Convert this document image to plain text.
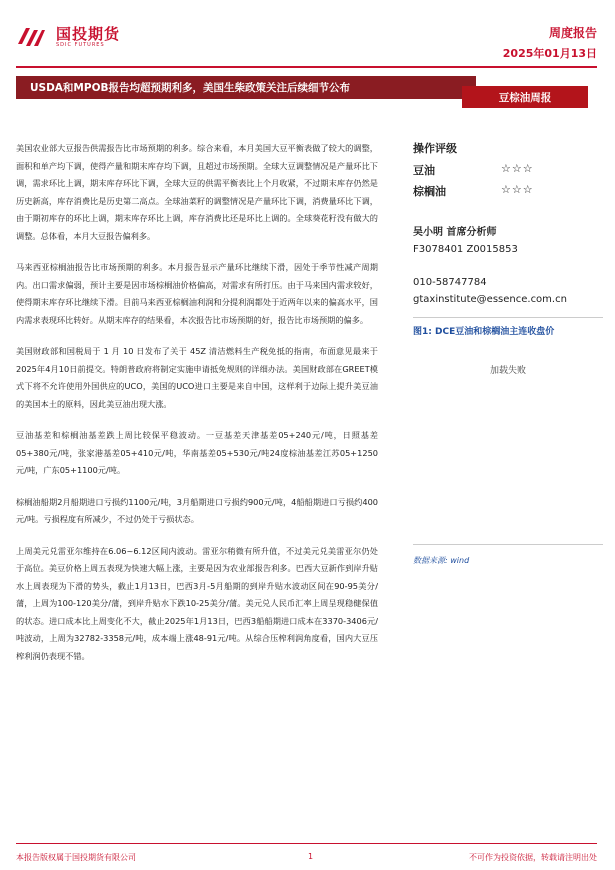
国投期货
SDIC FUTURES
周度报告
2025年01月13日
USDA和MPOB报告均超预期利多，美国生柴政策关注后续细节公布
豆棕油周报

美国农业部大豆报告供需报告比市场预期的利多。综合来看，本月美国大豆平衡表做了较大的调整，面积和单产均下调，使得产量和期末库存均下调，且超过市场预期。全球大豆调整情况是产量环比下调，需求环比上调，期末库存环比下调，全球大豆的供需平衡表比上个月收紧，不过期末库存仍然是历史新高，库存消费比是历史第二高点。全球油菜籽的调整情况是产量环比下调，消费量环比下调，由于期初库存的环比上调，期末库存环比上调，库存消费比还是环比上调的。全球葵花籽没有做大的调整。总体看，本月大豆报告偏利多。

马来西亚棕榈油报告比市场预期的利多。本月报告显示产量环比继续下滑，因处于季节性减产周期内。出口需求偏弱，预计主要是因市场棕榈油价格偏高，对需求有所打压。由于马来国内需求较好，使得期末库存环比继续下滑。目前马来西亚棕榈油利润和分提利润都处于近两年以来的偏高水平，国内需求表现环比转好。从期末库存的结果看，本次报告比市场预期的好，报告比市场预期的偏多。

美国财政部和国税局于 1 月 10 日发布了关于 45Z 清洁燃料生产税免抵的指南，布面意见最来于2025年4月10日前提交。特朗普政府将制定实施申请抵免规则的详细办法。美国财政部在GREET模式下将不允许使用外国供应的UCO，美国的UCO进口主要是来自中国，这样利于边际上提升美豆油的美国本土的原料，因此美豆油出现大涨。

豆油基差和棕榈油基差跌上周比较保平稳波动。一豆基差天津基差05+240元/吨，日照基差05+380元/吨，张家港基差05+410元/吨，华南基差05+530元/吨24度棕油基差江苏05+1250元/吨，广东05+1100元/吨。

棕榈油船期2月船期进口亏损约1100元/吨，3月船期进口亏损约900元/吨，4船船期进口亏损约400元/吨。亏损程度有所减少，不过仍处于亏损状态。

上周美元兑雷亚尔维持在6.06~6.12区间内波动。雷亚尔稍微有所升值，不过美元兑美雷亚尔仍处于高位。美豆价格上周五表现为快速大幅上涨，主要是因为农业部报告利多。巴西大豆新作到岸升贴水上周表现为下滑的势头，截止1月13日，巴西3月-5月船期的到岸升贴水波动区间在90-95美分/蒲，上周为100-120美分/蒲，到岸升贴水下跌10-25美分/蒲。美元兑人民币汇率上周呈现稳健保值的状态。进口成本比上周变化不大，截止2025年1月13日，巴西3船船期进口成本在3370-3406元/吨波动，上周为32782-3358元/吨，成本端上涨48-91元/吨。从综合压榨利润角度看，国内大豆压榨利润仍表现不错。

操作评级
豆油	☆☆☆
棕榈油	☆☆☆
吴小明 首席分析师
F3078401 Z0015853
010-58747784
gtaxinstitute@essence.com.cn
图1: DCE豆油和棕榈油主连收盘价
加载失败
数据来源: wind
本报告版权属于国投期货有限公司	1	不可作为投资依据，转载请注明出处
